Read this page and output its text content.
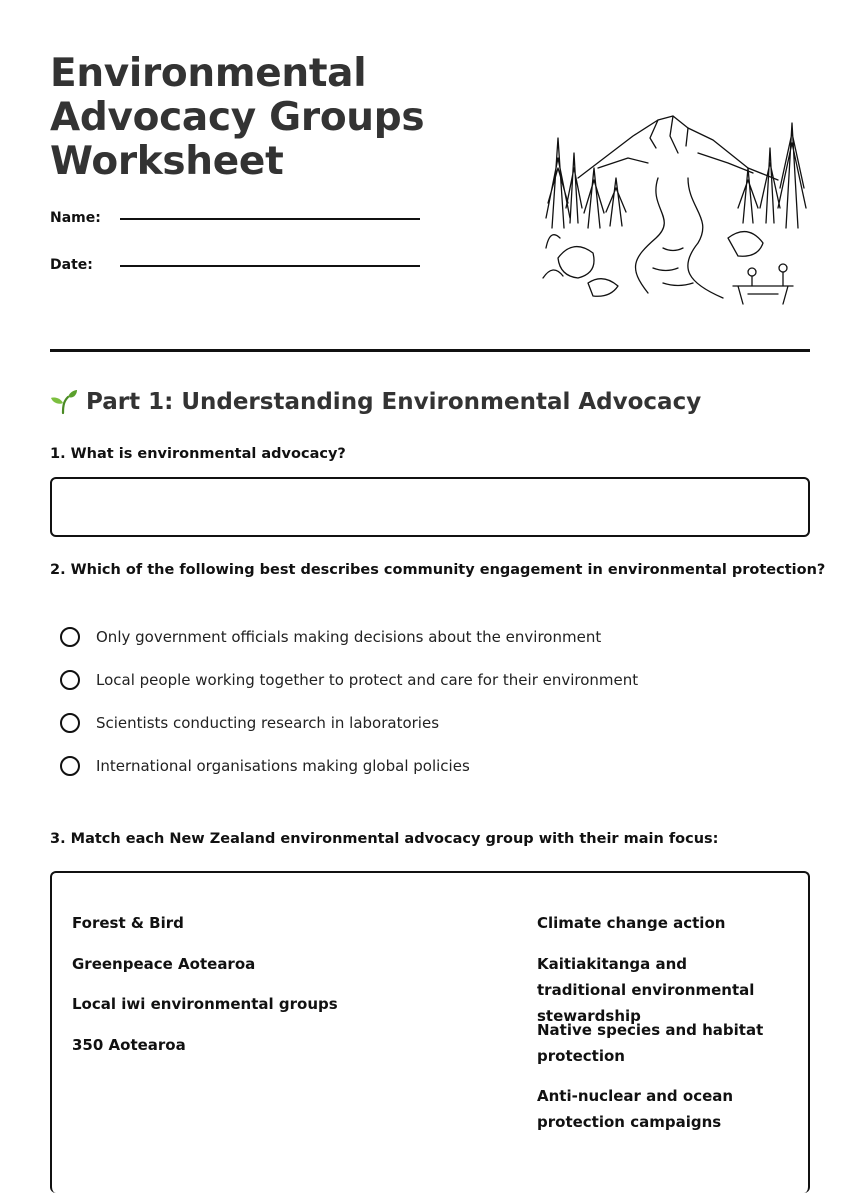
Environmental Advocacy Groups Worksheet
Name:
Date:
Part 1: Understanding Environmental Advocacy

1. What is environmental advocacy?

2. Which of the following best describes community engagement in environmental protection?

Only government officials making decisions about the environment
Local people working together to protect and care for their environment
Scientists conducting research in laboratories
International organisations making global policies

3. Match each New Zealand environmental advocacy group with their main focus:

Forest & Bird
Greenpeace Aotearoa
Local iwi environmental groups
350 Aotearoa
Climate change action
Kaitiakitanga and traditional environmental stewardship
Native species and habitat protection
Anti-nuclear and ocean protection campaigns
